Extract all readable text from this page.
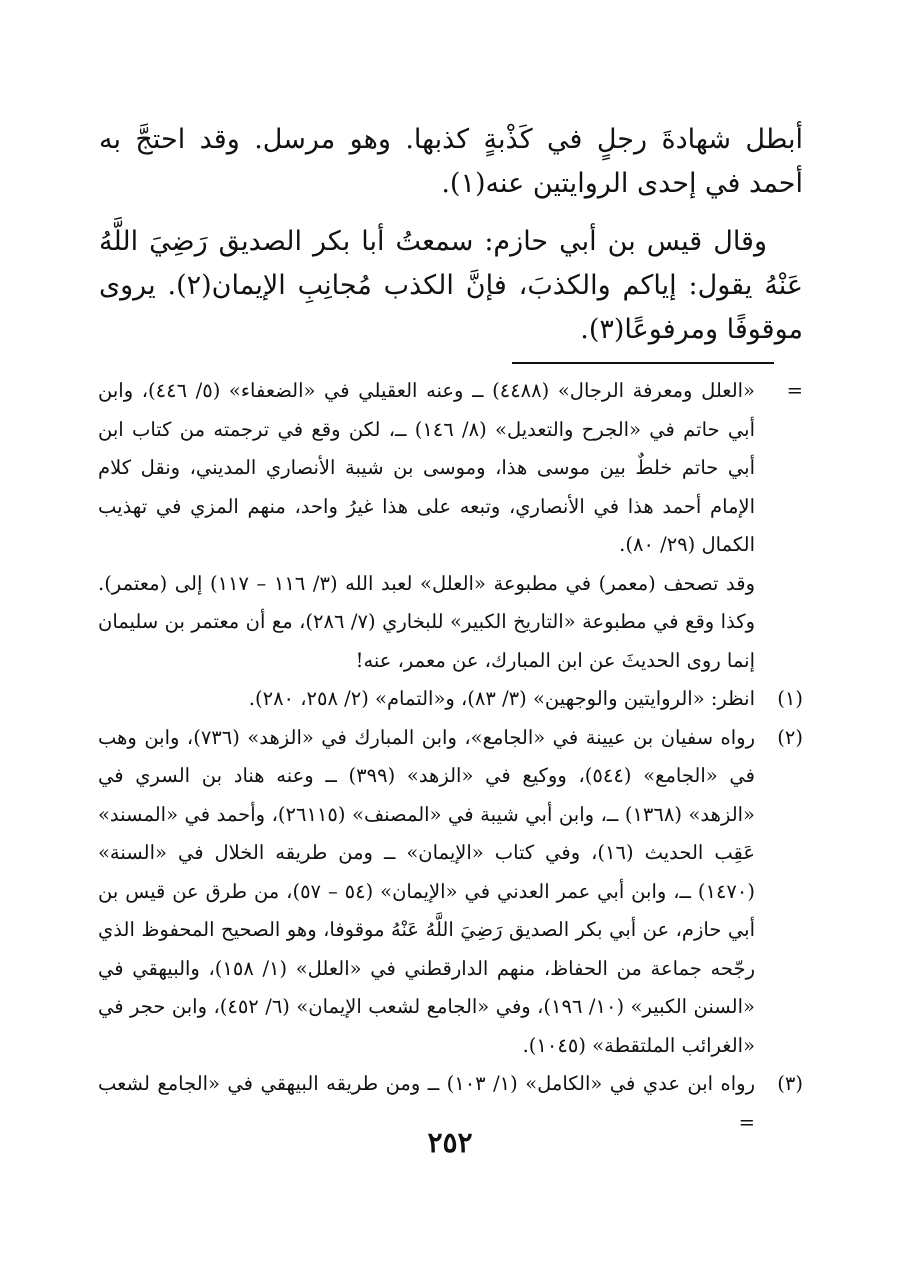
أبطل شهادةَ رجلٍ في كَذْبةٍ كذبها. وهو مرسل. وقد احتجَّ به أحمد في إحدى الروايتين عنه(١).

وقال قيس بن أبي حازم: سمعتُ أبا بكر الصديق رَضِيَ اللَّهُ عَنْهُ يقول: إياكم والكذبَ، فإنَّ الكذب مُجانِبِ الإيمان(٢). يروى موقوفًا ومرفوعًا(٣).

=

«العلل ومعرفة الرجال» (٤٤٨٨) ــ وعنه العقيلي في «الضعفاء» (٥/ ٤٤٦)، وابن أبي حاتم في «الجرح والتعديل» (٨/ ١٤٦) ــ، لكن وقع في ترجمته من كتاب ابن أبي حاتم خلطٌ بين موسى هذا، وموسى بن شيبة الأنصاري المديني، ونقل كلام الإمام أحمد هذا في الأنصاري، وتبعه على هذا غيرُ واحد، منهم المزي في تهذيب الكمال (٢٩/ ٨٠).

وقد تصحف (معمر) في مطبوعة «العلل» لعبد الله (٣/ ١١٦ – ١١٧) إلى (معتمر). وكذا وقع في مطبوعة «التاريخ الكبير» للبخاري (٧/ ٢٨٦)، مع أن معتمر بن سليمان إنما روى الحديثَ عن ابن المبارك، عن معمر، عنه!

(١)

انظر: «الروايتين والوجهين» (٣/ ٨٣)، و«التمام» (٢/ ٢٥٨، ٢٨٠).

(٢)

رواه سفيان بن عيينة في «الجامع»، وابن المبارك في «الزهد» (٧٣٦)، وابن وهب في «الجامع» (٥٤٤)، ووكيع في «الزهد» (٣٩٩) ــ وعنه هناد بن السري في «الزهد» (١٣٦٨) ــ، وابن أبي شيبة في «المصنف» (٢٦١١٥)، وأحمد في «المسند» عَقِب الحديث (١٦)، وفي كتاب «الإيمان» ــ ومن طريقه الخلال في «السنة» (١٤٧٠) ــ، وابن أبي عمر العدني في «الإيمان» (٥٤ – ٥٧)، من طرق عن قيس بن أبي حازم، عن أبي بكر الصديق رَضِيَ اللَّهُ عَنْهُ موقوفا، وهو الصحيح المحفوظ الذي رجّحه جماعة من الحفاظ، منهم الدارقطني في «العلل» (١/ ١٥٨)، والبيهقي في «السنن الكبير» (١٠/ ١٩٦)، وفي «الجامع لشعب الإيمان» (٦/ ٤٥٢)، وابن حجر في «الغرائب الملتقطة» (١٠٤٥).

(٣)

رواه ابن عدي في «الكامل» (١/ ١٠٣) ــ ومن طريقه البيهقي في «الجامع لشعب =

٢٥٢
